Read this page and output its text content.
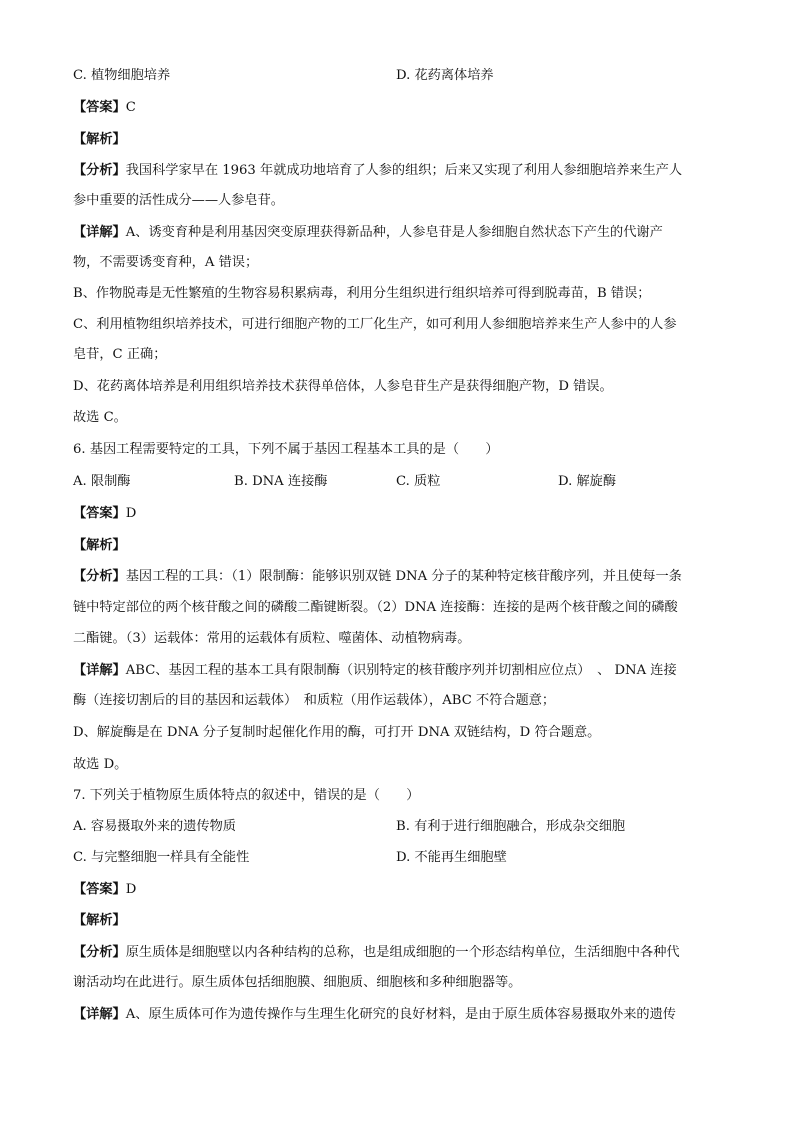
C. 植物细胞培养	D. 花药离体培养
【答案】C
【解析】
【分析】我国科学家早在 1963 年就成功地培育了人参的组织；后来又实现了利用人参细胞培养来生产人
参中重要的活性成分——人参皂苷。
【详解】A、诱变育种是利用基因突变原理获得新品种，人参皂苷是人参细胞自然状态下产生的代谢产
物，不需要诱变育种，A 错误；
B、作物脱毒是无性繁殖的生物容易积累病毒，利用分生组织进行组织培养可得到脱毒苗，B 错误；
C、利用植物组织培养技术，可进行细胞产物的工厂化生产，如可利用人参细胞培养来生产人参中的人参
皂苷，C 正确；
D、花药离体培养是利用组织培养技术获得单倍体，人参皂苷生产是获得细胞产物，D 错误。
故选 C。
6. 基因工程需要特定的工具，下列不属于基因工程基本工具的是（　　）
A. 限制酶	B. DNA 连接酶	C. 质粒	D. 解旋酶
【答案】D
【解析】
【分析】基因工程的工具：（1）限制酶：能够识别双链 DNA 分子的某种特定核苷酸序列，并且使每一条
链中特定部位的两个核苷酸之间的磷酸二酯键断裂。（2）DNA 连接酶：连接的是两个核苷酸之间的磷酸
二酯键。（3）运载体：常用的运载体有质粒、噬菌体、动植物病毒。
【详解】ABC、基因工程的基本工具有限制酶（识别特定的核苷酸序列并切割相应位点）　、 DNA 连接
酶（连接切割后的目的基因和运载体）　和质粒（用作运载体），ABC 不符合题意；
D、解旋酶是在 DNA 分子复制时起催化作用的酶，可打开 DNA 双链结构，D 符合题意。
故选 D。
7. 下列关于植物原生质体特点的叙述中，错误的是（　　）
A. 容易摄取外来的遗传物质	B. 有利于进行细胞融合，形成杂交细胞
C. 与完整细胞一样具有全能性	D. 不能再生细胞壁
【答案】D
【解析】
【分析】原生质体是细胞壁以内各种结构的总称，也是组成细胞的一个形态结构单位，生活细胞中各种代
谢活动均在此进行。原生质体包括细胞膜、细胞质、细胞核和多种细胞器等。
【详解】A、原生质体可作为遗传操作与生理生化研究的良好材料，是由于原生质体容易摄取外来的遗传
